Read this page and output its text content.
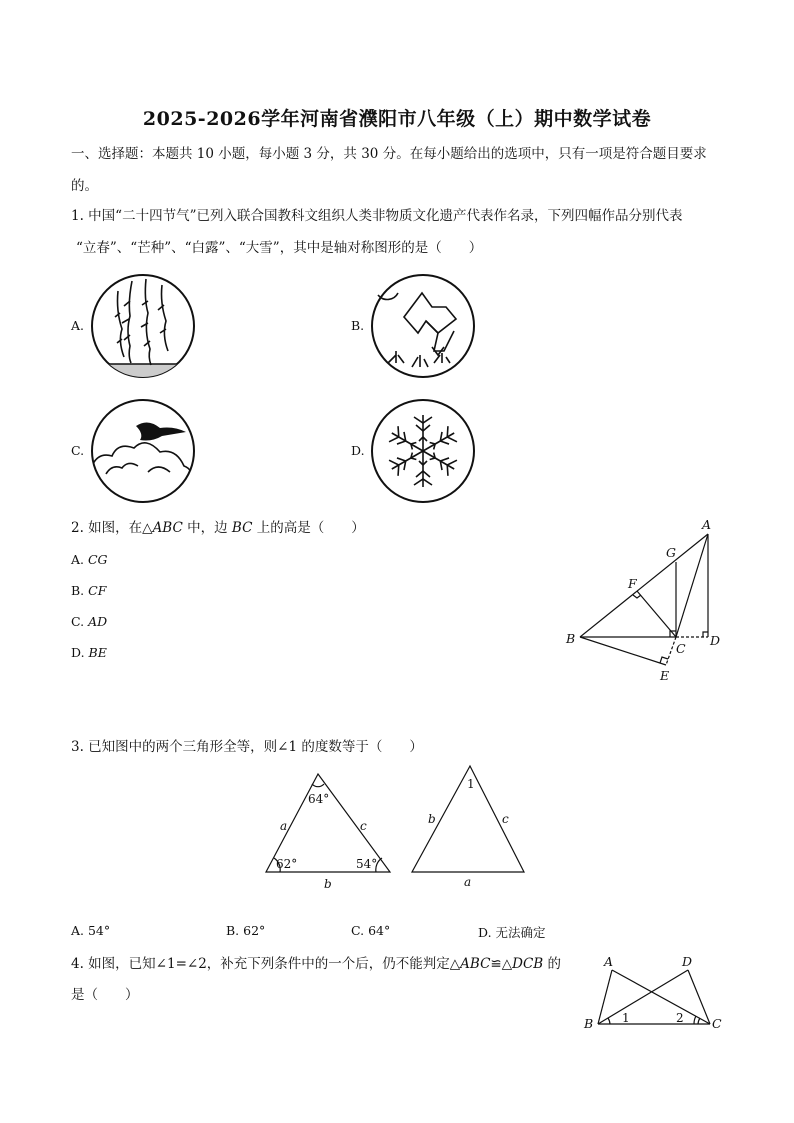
2025-2026学年河南省濮阳市八年级（上）期中数学试卷
一、选择题：本题共 10 小题，每小题 3 分，共 30 分。在每小题给出的选项中，只有一项是符合题目要求
的。
1. 中国“二十四节气”已列入联合国教科文组织人类非物质文化遗产代表作名录，下列四幅作品分别代表
“立春”、“芒种”、“白露”、“大雪”，其中是轴对称图形的是（　　）
A.	B.
C.	D.
2. 如图，在△ABC 中，边 BC 上的高是（　　）
A. CG
B. CF
C. AD
D. BE
A
G
F
B
C
D
E
3. 已知图中的两个三角形全等，则∠1 的度数等于（　　）
64°
62°	54°
a	c
b
1
b	c
a
A. 54°	B. 62°	C. 64°	D. 无法确定
4. 如图，已知∠1=∠2，补充下列条件中的一个后，仍不能判定△ABC≌△DCB 的
是（　　）
A	D
B	C
1	2
